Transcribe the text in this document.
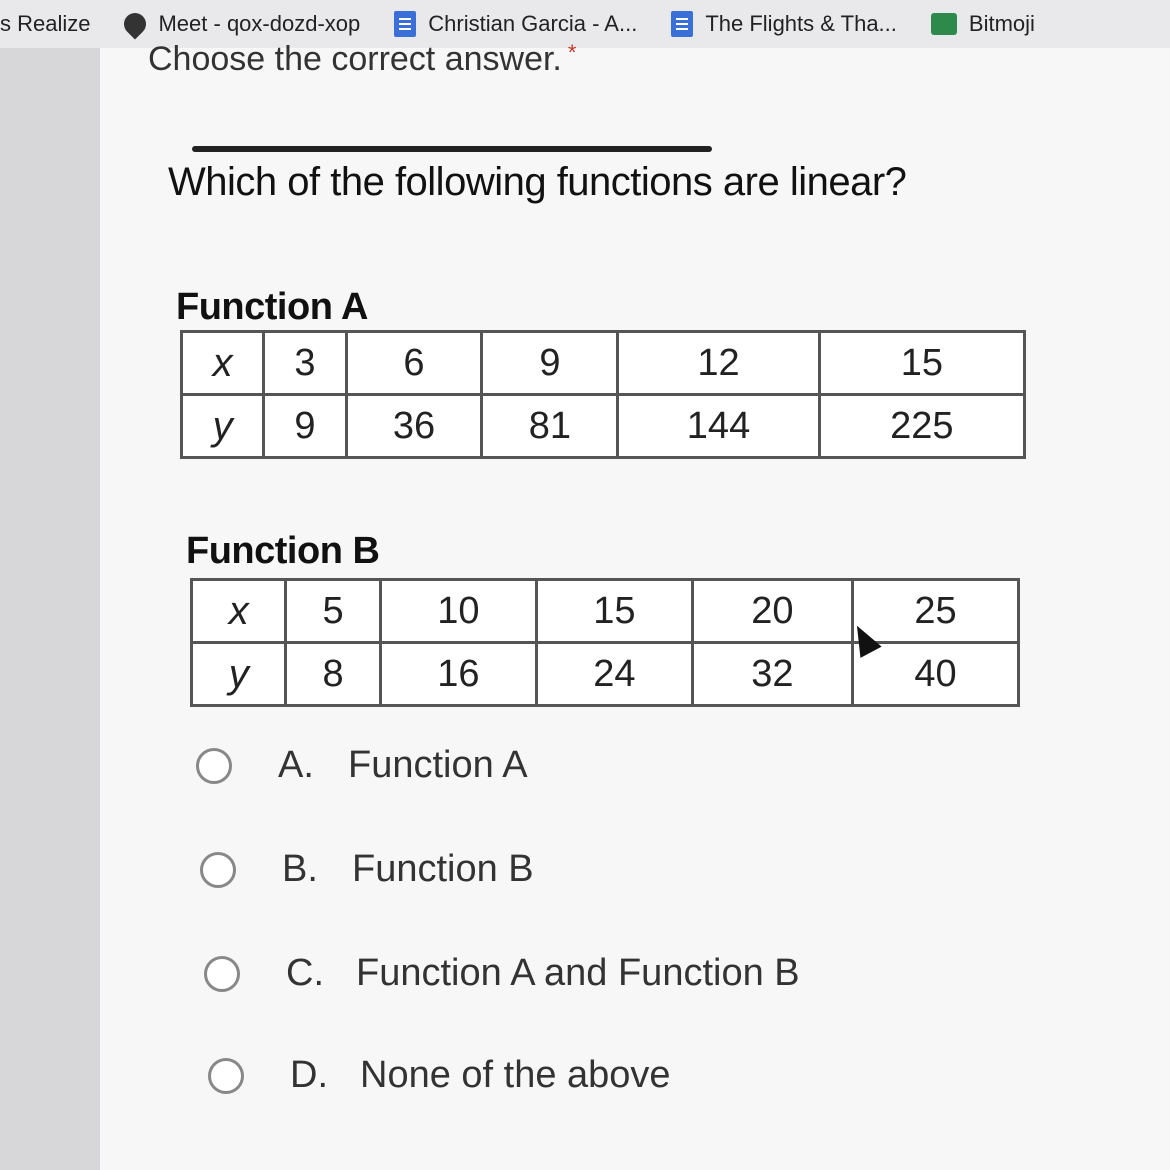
s Realize	Meet - qox-dozd-xop	Christian Garcia - A...	The Flights & Tha...	Bitmoji
Choose the correct answer. *
Which of the following functions are linear?
Function A
x	3	6	9	12	15
y	9	36	81	144	225
Function B
x	5	10	15	20	25
y	8	16	24	32	40
A. Function A
B. Function B
C. Function A and Function B
D. None of the above
